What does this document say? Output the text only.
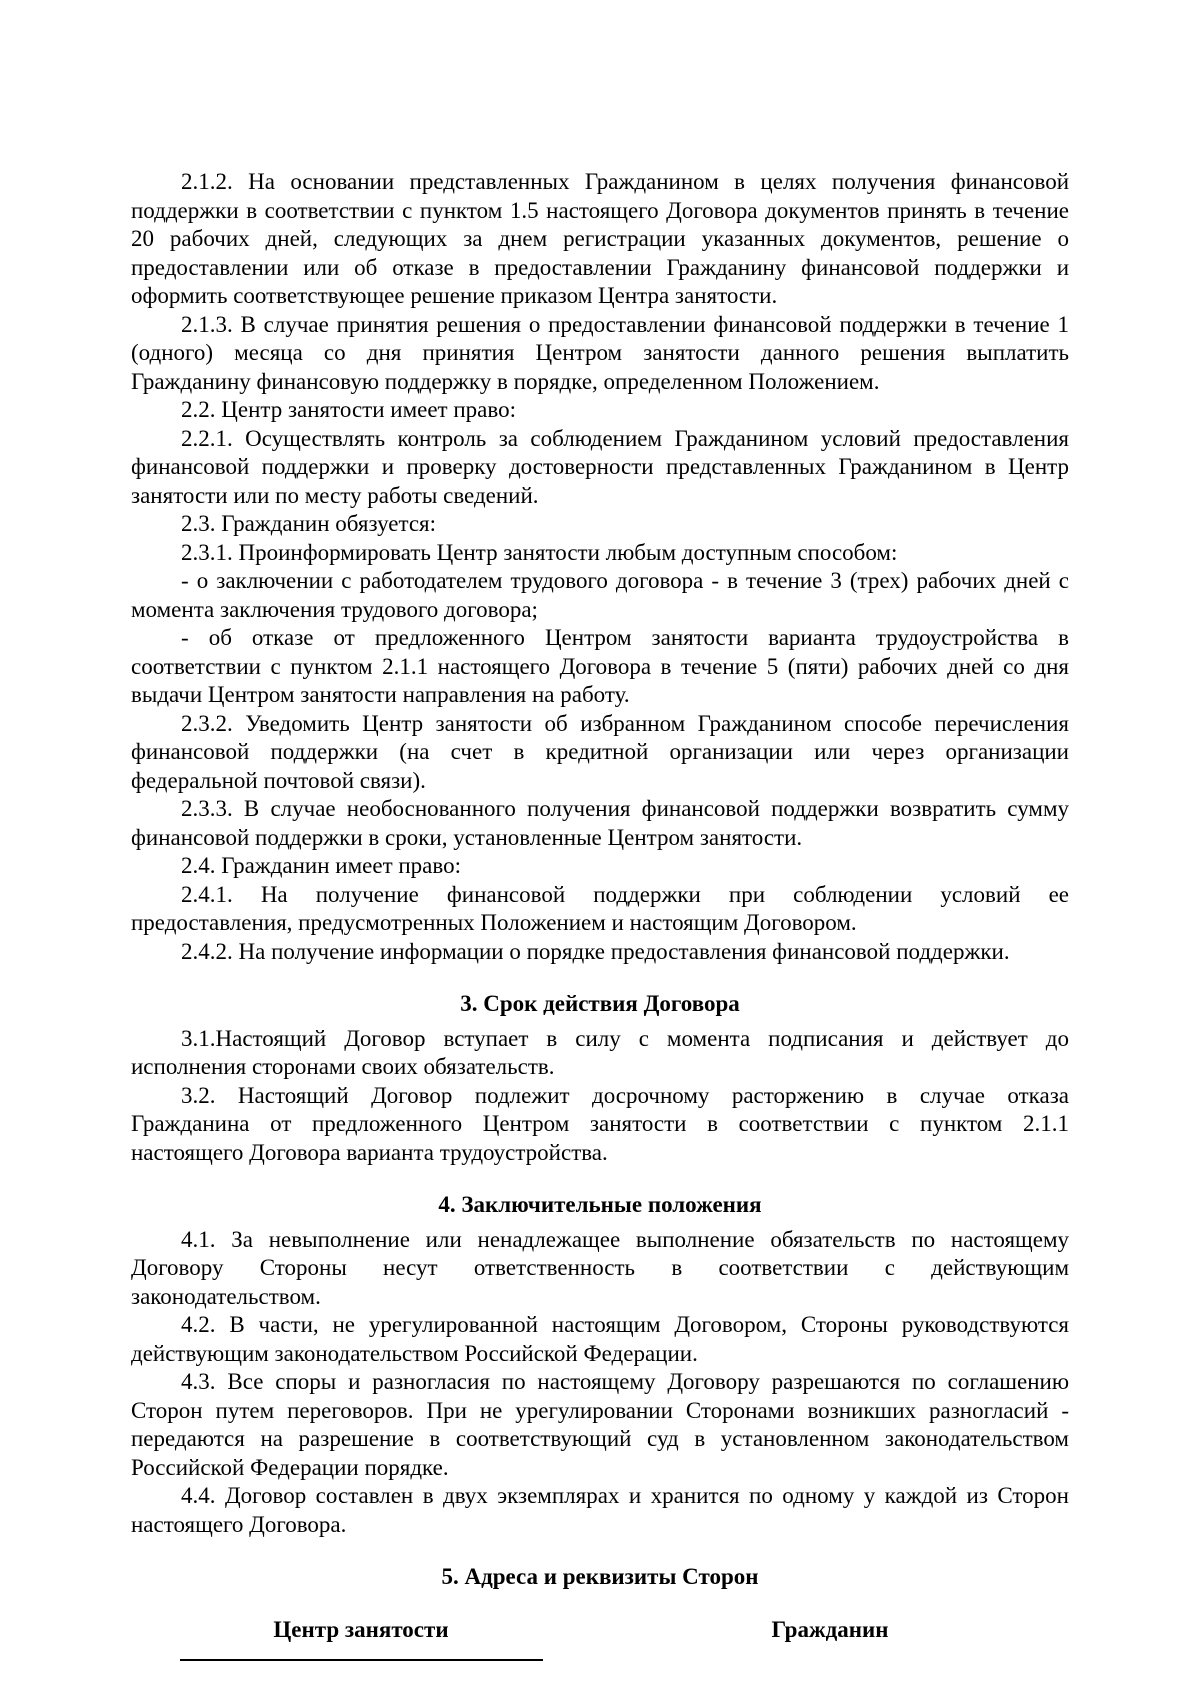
2.1.2. На основании представленных Гражданином в целях получения финансовой
поддержки в соответствии с пунктом 1.5 настоящего Договора документов принять в течение
20 рабочих дней, следующих за днем регистрации указанных документов, решение о
предоставлении или об отказе в предоставлении Гражданину финансовой поддержки и
оформить соответствующее решение приказом Центра занятости.
2.1.3. В случае принятия решения о предоставлении финансовой поддержки в течение 1
(одного) месяца со дня принятия Центром занятости данного решения выплатить
Гражданину финансовую поддержку в порядке, определенном Положением.
2.2. Центр занятости имеет право:
2.2.1. Осуществлять контроль за соблюдением Гражданином условий предоставления
финансовой поддержки и проверку достоверности представленных Гражданином в Центр
занятости или по месту работы сведений.
2.3. Гражданин обязуется:
2.3.1. Проинформировать Центр занятости любым доступным способом:
- о заключении с работодателем трудового договора - в течение 3 (трех) рабочих дней с
момента заключения трудового договора;
- об отказе от предложенного Центром занятости варианта трудоустройства в
соответствии с пунктом 2.1.1 настоящего Договора в течение 5 (пяти) рабочих дней со дня
выдачи Центром занятости направления на работу.
2.3.2. Уведомить Центр занятости об избранном Гражданином способе перечисления
финансовой поддержки (на счет в кредитной организации или через организации
федеральной почтовой связи).
2.3.3. В случае необоснованного получения финансовой поддержки возвратить сумму
финансовой поддержки в сроки, установленные Центром занятости.
2.4. Гражданин имеет право:
2.4.1. На получение финансовой поддержки при соблюдении условий ее
предоставления, предусмотренных Положением и настоящим Договором.
2.4.2. На получение информации о порядке предоставления финансовой поддержки.
3. Срок действия Договора
3.1.Настоящий Договор вступает в силу с момента подписания и действует до
исполнения сторонами своих обязательств.
3.2. Настоящий Договор подлежит досрочному расторжению в случае отказа
Гражданина от предложенного Центром занятости в соответствии с пунктом 2.1.1
настоящего Договора варианта трудоустройства.
4. Заключительные положения
4.1. За невыполнение или ненадлежащее выполнение обязательств по настоящему
Договору Стороны несут ответственность в соответствии с действующим
законодательством.
4.2. В части, не урегулированной настоящим Договором, Стороны руководствуются
действующим законодательством Российской Федерации.
4.3. Все споры и разногласия по настоящему Договору разрешаются по соглашению
Сторон путем переговоров. При не урегулировании Сторонами возникших разногласий -
передаются на разрешение в соответствующий суд в установленном законодательством
Российской Федерации порядке.
4.4. Договор составлен в двух экземплярах и хранится по одному у каждой из Сторон
настоящего Договора.
5. Адреса и реквизиты Сторон
Центр занятости	Гражданин
